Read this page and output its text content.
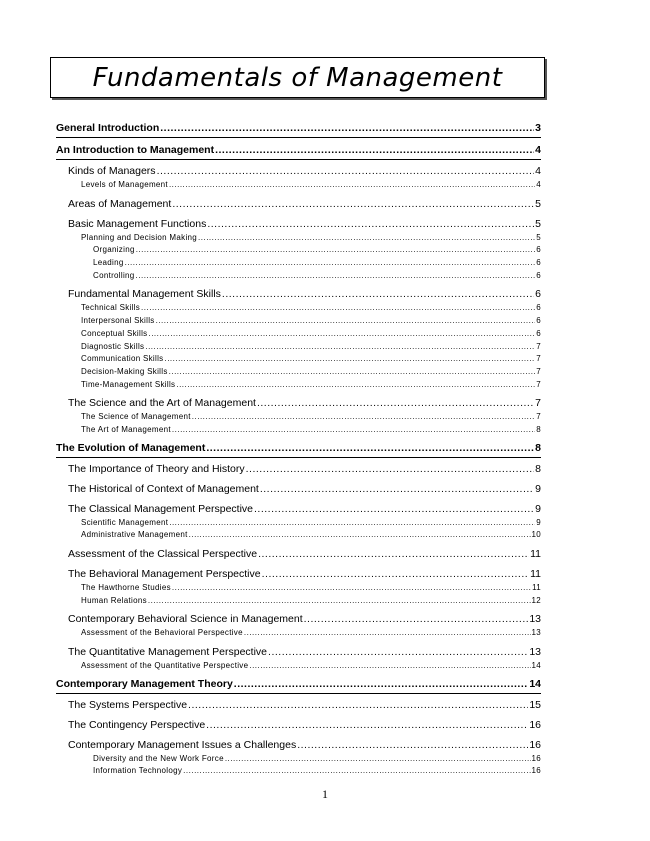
Fundamentals of Management
General Introduction .....	3
An Introduction to Management .....	4
Kinds of Managers .....	4
Levels of Management .....	4
Areas of Management .....	5
Basic Management Functions .....	5
Planning and Decision Making .....	5
Organizing .....	6
Leading .....	6
Controlling .....	6
Fundamental Management Skills .....	6
Technical Skills .....	6
Interpersonal Skills .....	6
Conceptual Skills .....	6
Diagnostic Skills .....	7
Communication Skills .....	7
Decision-Making Skills .....	7
Time-Management Skills .....	7
The Science and the Art of Management .....	7
The Science of Management .....	7
The Art of Management .....	8
The Evolution of Management .....	8
The Importance of Theory and History .....	8
The Historical of Context of Management .....	9
The Classical Management Perspective .....	9
Scientific Management .....	9
Administrative Management .....	10
Assessment of the Classical Perspective .....	11
The Behavioral Management Perspective .....	11
The Hawthorne Studies .....	11
Human Relations .....	12
Contemporary Behavioral Science in Management .....	13
Assessment of the Behavioral Perspective .....	13
The Quantitative Management Perspective .....	13
Assessment of the Quantitative Perspective .....	14
Contemporary Management Theory .....	14
The Systems Perspective .....	15
The Contingency Perspective .....	16
Contemporary Management Issues a Challenges .....	16
Diversity and the New Work Force .....	16
Information Technology .....	16
1
